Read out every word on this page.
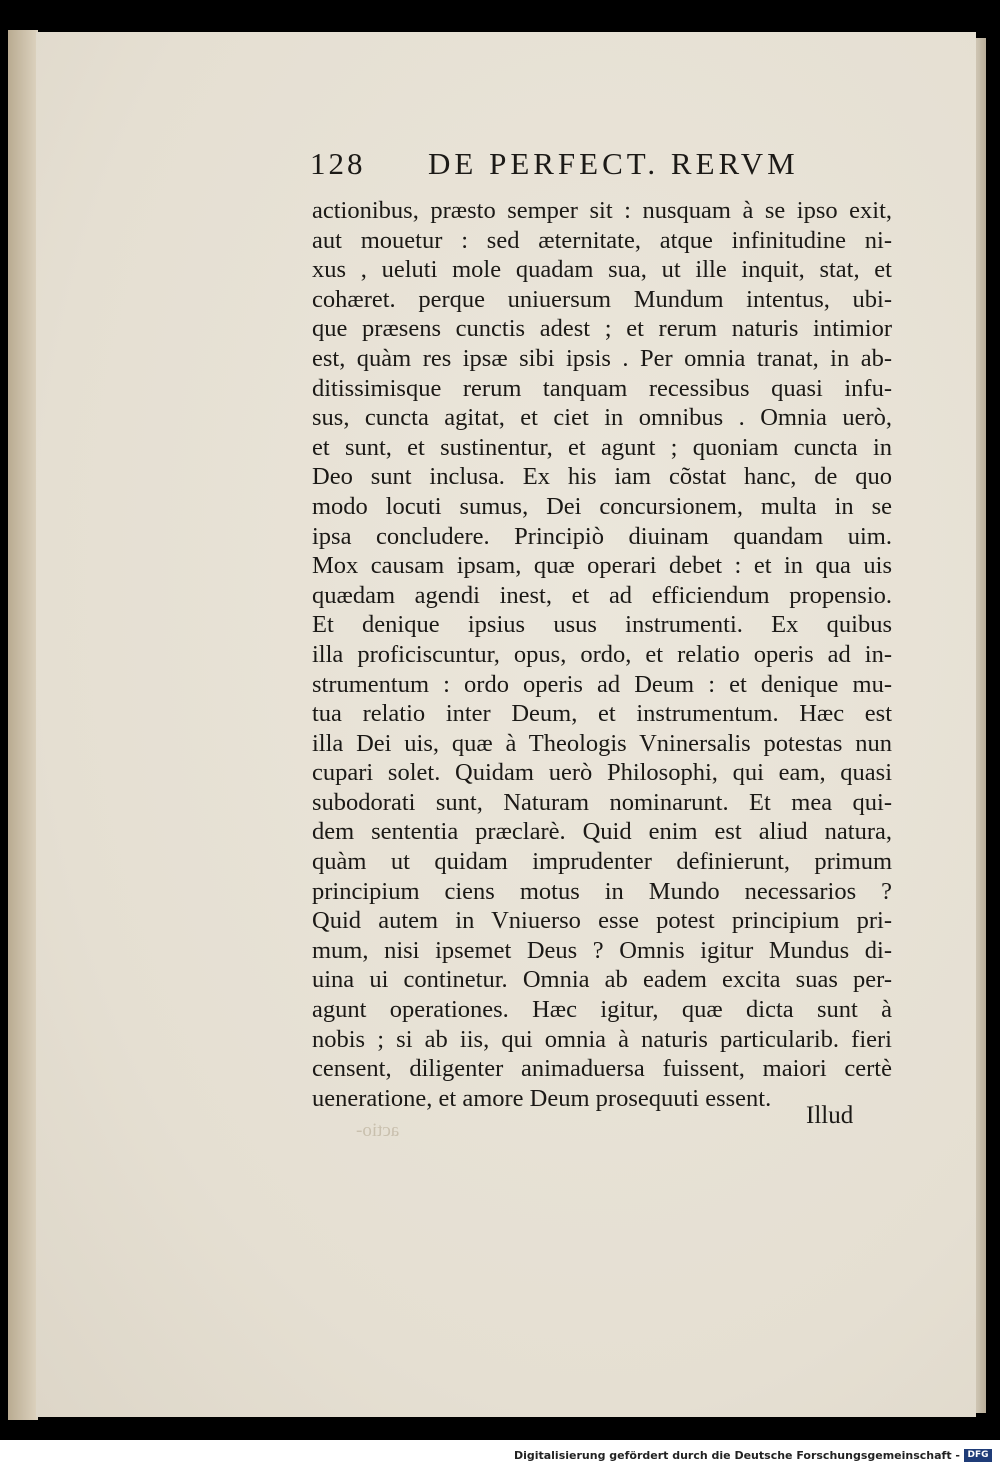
128 DE PERFECT. RERVM
actionibus, præsto semper sit : nusquam à se ipso exit,
aut mouetur : sed æternitate, atque infinitudine ni-
xus , ueluti mole quadam sua, ut ille inquit, stat, et
cohæret. perque uniuersum Mundum intentus, ubi-
que præsens cunctis adest ; et rerum naturis intimior
est, quàm res ipsæ sibi ipsis . Per omnia tranat, in ab-
ditissimisque rerum tanquam recessibus quasi infu-
sus, cuncta agitat, et ciet in omnibus . Omnia uerò,
et sunt, et sustinentur, et agunt ; quoniam cuncta in
Deo sunt inclusa. Ex his iam cõstat hanc, de quo
modo locuti sumus, Dei concursionem, multa in se
ipsa concludere. Principiò diuinam quandam uim.
Mox causam ipsam, quæ operari debet : et in qua uis
quædam agendi inest, et ad efficiendum propensio.
Et denique ipsius usus instrumenti. Ex quibus
illa proficiscuntur, opus, ordo, et relatio operis ad in-
strumentum : ordo operis ad Deum : et denique mu-
tua relatio inter Deum, et instrumentum. Hæc est
illa Dei uis, quæ à Theologis Vninersalis potestas nun
cupari solet. Quidam uerò Philosophi, qui eam, quasi
subodorati sunt, Naturam nominarunt. Et mea qui-
dem sententia præclarè. Quid enim est aliud natura,
quàm ut quidam imprudenter definierunt, primum
principium ciens motus in Mundo necessarios ?
Quid autem in Vniuerso esse potest principium pri-
mum, nisi ipsemet Deus ? Omnis igitur Mundus di-
uina ui continetur. Omnia ab eadem excita suas per-
agunt operationes. Hæc igitur, quæ dicta sunt à
nobis ; si ab iis, qui omnia à naturis particularib. fieri
censent, diligenter animaduersa fuissent, maiori certè
ueneratione, et amore Deum prosequuti essent.
actio-
Illud
Digitalisierung gefördert durch die Deutsche Forschungsgemeinschaft - DFG
